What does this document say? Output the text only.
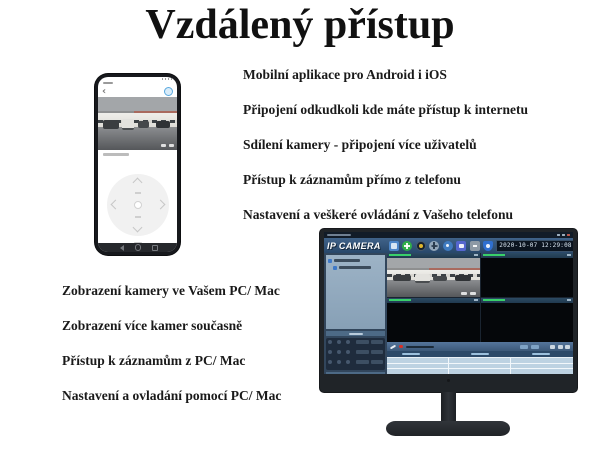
Vzdálený přístup
‹
Mobilní aplikace pro Android i iOS
Připojení odkudkoli kde máte přístup k internetu
Sdílení kamery - připojení více uživatelů
Přístup k záznamům přímo z telefonu
Nastavení a veškeré ovládání z Vašeho telefonu
Zobrazení kamery ve Vašem PC/ Mac
Zobrazení více kamer současně
Přístup k záznamům z PC/ Mac
Nastavení a ovladání pomocí PC/ Mac
IP CAMERA	2020-10-07 12:29:08
